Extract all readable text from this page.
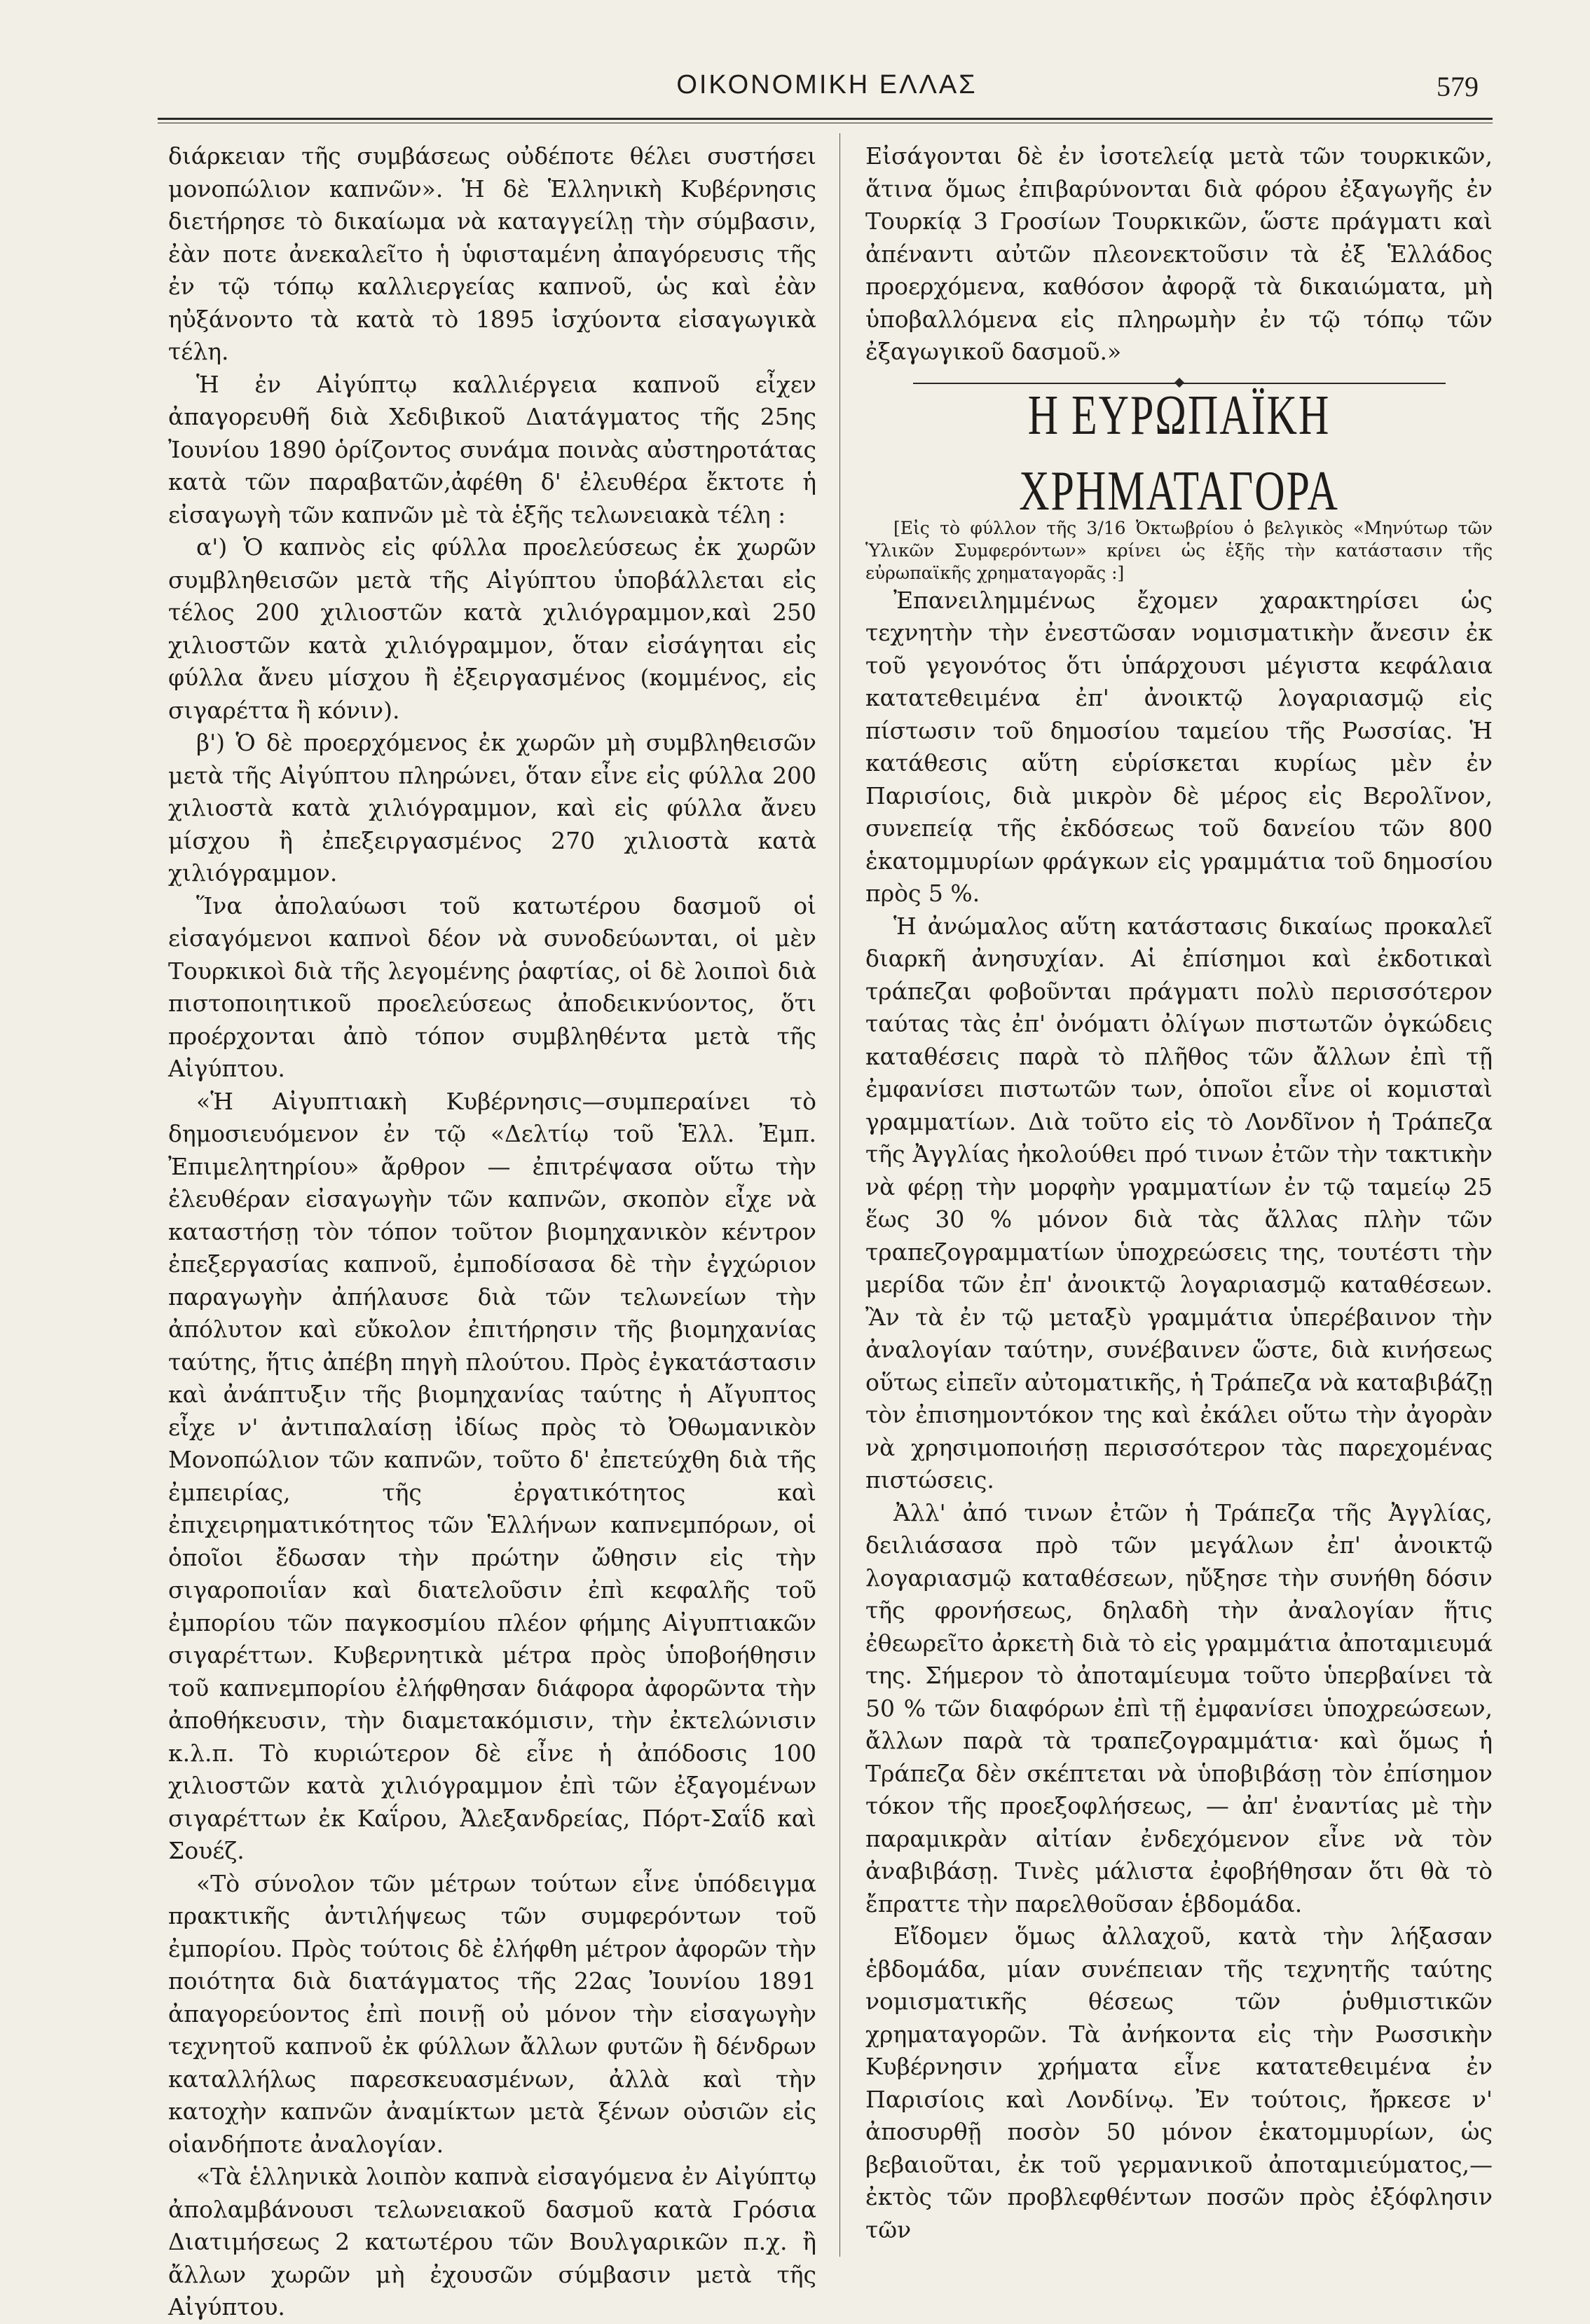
ΟΙΚΟΝΟΜΙΚΗ ΕΛΛΑΣ	579

διάρκειαν τῆς συμβάσεως οὐδέποτε θέλει συστήσει μονοπώλιον καπνῶν». Ἡ δὲ Ἑλληνικὴ Κυβέρνησις διετήρησε τὸ δικαίωμα νὰ καταγγείλῃ τὴν σύμβασιν, ἐὰν ποτε ἀνεκαλεῖτο ἡ ὑφισταμένη ἀπαγόρευσις τῆς ἐν τῷ τόπῳ καλλιεργείας καπνοῦ, ὡς καὶ ἐὰν ηὐξάνοντο τὰ κατὰ τὸ 1895 ἰσχύοντα εἰσαγωγικὰ τέλη.

Ἡ ἐν Αἰγύπτῳ καλλιέργεια καπνοῦ εἶχεν ἀπαγορευθῆ διὰ Χεδιβικοῦ Διατάγματος τῆς 25ης Ἰουνίου 1890 ὁρίζοντος συνάμα ποινὰς αὐστηροτάτας κατὰ τῶν παραβατῶν,ἀφέθη δ' ἐλευθέρα ἔκτοτε ἡ εἰσαγωγὴ τῶν καπνῶν μὲ τὰ ἑξῆς τελωνειακὰ τέλη :

α') Ὁ καπνὸς εἰς φύλλα προελεύσεως ἐκ χωρῶν συμβληθεισῶν μετὰ τῆς Αἰγύπτου ὑποβάλλεται εἰς τέλος 200 χιλιοστῶν κατὰ χιλιόγραμμον,καὶ 250 χιλιοστῶν κατὰ χιλιόγραμμον, ὅταν εἰσάγηται εἰς φύλλα ἄνευ μίσχου ἢ ἐξειργασμένος (κομμένος, εἰς σιγαρέττα ἢ κόνιν).

β') Ὁ δὲ προερχόμενος ἐκ χωρῶν μὴ συμβληθεισῶν μετὰ τῆς Αἰγύπτου πληρώνει, ὅταν εἶνε εἰς φύλλα 200 χιλιοστὰ κατὰ χιλιόγραμμον, καὶ εἰς φύλλα ἄνευ μίσχου ἢ ἐπεξειργασμένος 270 χιλιοστὰ κατὰ χιλιόγραμμον.

Ἵνα ἀπολαύωσι τοῦ κατωτέρου δασμοῦ οἱ εἰσαγόμενοι καπνοὶ δέον νὰ συνοδεύωνται, οἱ μὲν Τουρκικοὶ διὰ τῆς λεγομένης ῥαφτίας, οἱ δὲ λοιποὶ διὰ πιστοποιητικοῦ προελεύσεως ἀποδεικνύοντος, ὅτι προέρχονται ἀπὸ τόπον συμβληθέντα μετὰ τῆς Αἰγύπτου.

«Ἡ Αἰγυπτιακὴ Κυβέρνησις—συμπεραίνει τὸ δημοσιευόμενον ἐν τῷ «Δελτίῳ τοῦ Ἑλλ. Ἐμπ. Ἐπιμελητηρίου» ἄρθρον — ἐπιτρέψασα οὕτω τὴν ἐλευθέραν εἰσαγωγὴν τῶν καπνῶν, σκοπὸν εἶχε νὰ καταστήσῃ τὸν τόπον τοῦτον βιομηχανικὸν κέντρον ἐπεξεργασίας καπνοῦ, ἐμποδίσασα δὲ τὴν ἐγχώριον παραγωγὴν ἀπήλαυσε διὰ τῶν τελωνείων τὴν ἀπόλυτον καὶ εὔκολον ἐπιτήρησιν τῆς βιομηχανίας ταύτης, ἥτις ἀπέβη πηγὴ πλούτου. Πρὸς ἐγκατάστασιν καὶ ἀνάπτυξιν τῆς βιομηχανίας ταύτης ἡ Αἴγυπτος εἶχε ν' ἀντιπαλαίσῃ ἰδίως πρὸς τὸ Ὀθωμανικὸν Μονοπώλιον τῶν καπνῶν, τοῦτο δ' ἐπετεύχθη διὰ τῆς ἐμπειρίας, τῆς ἐργατικότητος καὶ ἐπιχειρηματικότητος τῶν Ἑλλήνων καπνεμπόρων, οἱ ὁποῖοι ἔδωσαν τὴν πρώτην ὤθησιν εἰς τὴν σιγαροποιΐαν καὶ διατελοῦσιν ἐπὶ κεφαλῆς τοῦ ἐμπορίου τῶν παγκοσμίου πλέον φήμης Αἰγυπτιακῶν σιγαρέττων. Κυβερνητικὰ μέτρα πρὸς ὑποβοήθησιν τοῦ καπνεμπορίου ἐλήφθησαν διάφορα ἀφορῶντα τὴν ἀποθήκευσιν, τὴν διαμετακόμισιν, τὴν ἐκτελώνισιν κ.λ.π. Τὸ κυριώτερον δὲ εἶνε ἡ ἀπόδοσις 100 χιλιοστῶν κατὰ χιλιόγραμμον ἐπὶ τῶν ἐξαγομένων σιγαρέττων ἐκ Καΐρου, Ἀλεξανδρείας, Πόρτ-Σαΐδ καὶ Σουέζ.

«Τὸ σύνολον τῶν μέτρων τούτων εἶνε ὑπόδειγμα πρακτικῆς ἀντιλήψεως τῶν συμφερόντων τοῦ ἐμπορίου. Πρὸς τούτοις δὲ ἐλήφθη μέτρον ἀφορῶν τὴν ποιότητα διὰ διατάγματος τῆς 22ας Ἰουνίου 1891 ἀπαγορεύοντος ἐπὶ ποινῇ οὐ μόνον τὴν εἰσαγωγὴν τεχνητοῦ καπνοῦ ἐκ φύλλων ἄλλων φυτῶν ἢ δένδρων καταλλήλως παρεσκευασμένων, ἀλλὰ καὶ τὴν κατοχὴν καπνῶν ἀναμίκτων μετὰ ξένων οὐσιῶν εἰς οἱανδήποτε ἀναλογίαν.

«Τὰ ἑλληνικὰ λοιπὸν καπνὰ εἰσαγόμενα ἐν Αἰγύπτῳ ἀπολαμβάνουσι τελωνειακοῦ δασμοῦ κατὰ Γρόσια Διατιμήσεως 2 κατωτέρου τῶν Βουλγαρικῶν π.χ. ἢ ἄλλων χωρῶν μὴ ἐχουσῶν σύμβασιν μετὰ τῆς Αἰγύπτου.

Εἰσάγονται δὲ ἐν ἰσοτελείᾳ μετὰ τῶν τουρκικῶν, ἅτινα ὅμως ἐπιβαρύνονται διὰ φόρου ἐξαγωγῆς ἐν Τουρκίᾳ 3 Γροσίων Τουρκικῶν, ὥστε πράγματι καὶ ἀπέναντι αὐτῶν πλεονεκτοῦσιν τὰ ἐξ Ἑλλάδος προερχόμενα, καθόσον ἀφορᾷ τὰ δικαιώματα, μὴ ὑποβαλλόμενα εἰς πληρωμὴν ἐν τῷ τόπῳ τῶν ἐξαγωγικοῦ δασμοῦ.»

Η ΕΥΡΩΠΑΪΚΗ ΧΡΗΜΑΤΑΓΟΡΑ

[Εἰς τὸ φύλλον τῆς 3/16 Ὀκτωβρίου ὁ βελγικὸς «Μηνύτωρ τῶν Ὑλικῶν Συμφερόντων» κρίνει ὡς ἑξῆς τὴν κατάστασιν τῆς εὐρωπαϊκῆς χρηματαγορᾶς :]

Ἐπανειλημμένως ἔχομεν χαρακτηρίσει ὡς τεχνητὴν τὴν ἐνεστῶσαν νομισματικὴν ἄνεσιν ἐκ τοῦ γεγονότος ὅτι ὑπάρχουσι μέγιστα κεφάλαια κατατεθειμένα ἐπ' ἀνοικτῷ λογαριασμῷ εἰς πίστωσιν τοῦ δημοσίου ταμείου τῆς Ρωσσίας. Ἡ κατάθεσις αὕτη εὑρίσκεται κυρίως μὲν ἐν Παρισίοις, διὰ μικρὸν δὲ μέρος εἰς Βερολῖνον, συνεπείᾳ τῆς ἐκδόσεως τοῦ δανείου τῶν 800 ἑκατομμυρίων φράγκων εἰς γραμμάτια τοῦ δημοσίου πρὸς 5 %.

Ἡ ἀνώμαλος αὕτη κατάστασις δικαίως προκαλεῖ διαρκῆ ἀνησυχίαν. Αἱ ἐπίσημοι καὶ ἐκδοτικαὶ τράπεζαι φοβοῦνται πράγματι πολὺ περισσότερον ταύτας τὰς ἐπ' ὀνόματι ὀλίγων πιστωτῶν ὀγκώδεις καταθέσεις παρὰ τὸ πλῆθος τῶν ἄλλων ἐπὶ τῇ ἐμφανίσει πιστωτῶν των, ὁποῖοι εἶνε οἱ κομισταὶ γραμματίων. Διὰ τοῦτο εἰς τὸ Λονδῖνον ἡ Τράπεζα τῆς Ἀγγλίας ἠκολούθει πρό τινων ἐτῶν τὴν τακτικὴν νὰ φέρῃ τὴν μορφὴν γραμματίων ἐν τῷ ταμείῳ 25 ἕως 30 % μόνον διὰ τὰς ἄλλας πλὴν τῶν τραπεζογραμματίων ὑποχρεώσεις της, τουτέστι τὴν μερίδα τῶν ἐπ' ἀνοικτῷ λογαριασμῷ καταθέσεων. Ἂν τὰ ἐν τῷ μεταξὺ γραμμάτια ὑπερέβαινον τὴν ἀναλογίαν ταύτην, συνέβαινεν ὥστε, διὰ κινήσεως οὕτως εἰπεῖν αὐτοματικῆς, ἡ Τράπεζα νὰ καταβιβάζῃ τὸν ἐπισημοντόκον της καὶ ἐκάλει οὕτω τὴν ἀγορὰν νὰ χρησιμοποιήσῃ περισσότερον τὰς παρεχομένας πιστώσεις.

Ἀλλ' ἀπό τινων ἐτῶν ἡ Τράπεζα τῆς Ἀγγλίας, δειλιάσασα πρὸ τῶν μεγάλων ἐπ' ἀνοικτῷ λογαριασμῷ καταθέσεων, ηὔξησε τὴν συνήθη δόσιν τῆς φρονήσεως, δηλαδὴ τὴν ἀναλογίαν ἥτις ἐθεωρεῖτο ἀρκετὴ διὰ τὸ εἰς γραμμάτια ἀποταμιευμά της. Σήμερον τὸ ἀποταμίευμα τοῦτο ὑπερβαίνει τὰ 50 % τῶν διαφόρων ἐπὶ τῇ ἐμφανίσει ὑποχρεώσεων, ἄλλων παρὰ τὰ τραπεζογραμμάτια· καὶ ὅμως ἡ Τράπεζα δὲν σκέπτεται νὰ ὑποβιβάσῃ τὸν ἐπίσημον τόκον τῆς προεξοφλήσεως, — ἀπ' ἐναντίας μὲ τὴν παραμικρὰν αἰτίαν ἐνδεχόμενον εἶνε νὰ τὸν ἀναβιβάσῃ. Τινὲς μάλιστα ἐφοβήθησαν ὅτι θὰ τὸ ἔπραττε τὴν παρελθοῦσαν ἑβδομάδα.

Εἴδομεν ὅμως ἀλλαχοῦ, κατὰ τὴν λήξασαν ἑβδομάδα, μίαν συνέπειαν τῆς τεχνητῆς ταύτης νομισματικῆς θέσεως τῶν ῥυθμιστικῶν χρηματαγορῶν. Τὰ ἀνήκοντα εἰς τὴν Ρωσσικὴν Κυβέρνησιν χρήματα εἶνε κατατεθειμένα ἐν Παρισίοις καὶ Λονδίνῳ. Ἐν τούτοις, ἤρκεσε ν' ἀποσυρθῇ ποσὸν 50 μόνον ἑκατομμυρίων, ὡς βεβαιοῦται, ἐκ τοῦ γερμανικοῦ ἀποταμιεύματος,— ἐκτὸς τῶν προβλεφθέντων ποσῶν πρὸς ἐξόφλησιν τῶν
